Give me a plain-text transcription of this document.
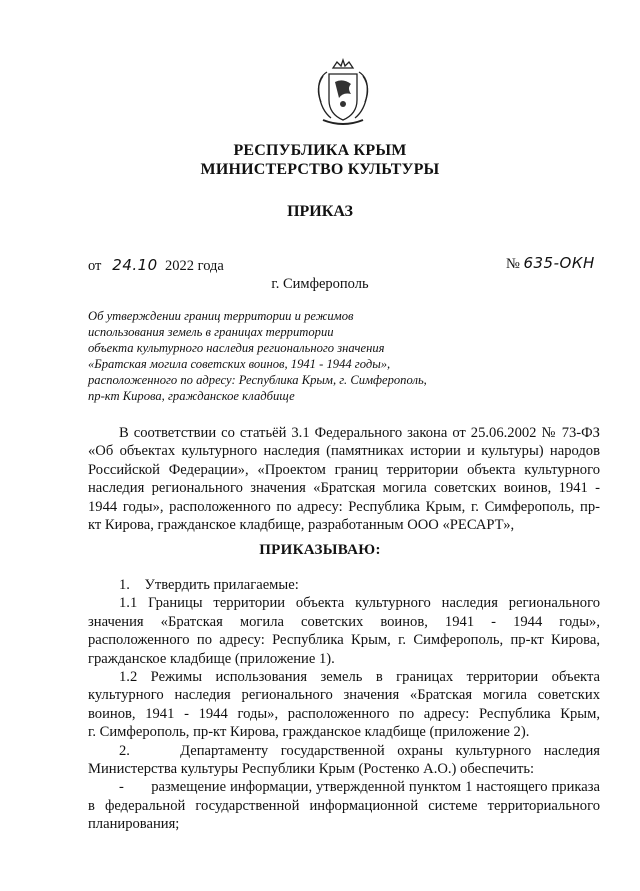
РЕСПУБЛИКА КРЫМ
МИНИСТЕРСТВО КУЛЬТУРЫ
ПРИКАЗ
от 24.10 2022 года	№ 635-ОКН
г. Симферополь
Об утверждении границ территории и режимов
использования земель в границах территории
объекта культурного наследия регионального значения
«Братская могила советских воинов, 1941 - 1944 годы»,
расположенного по адресу: Республика Крым, г. Симферополь,
пр-кт Кирова, гражданское кладбище
В соответствии со статьёй 3.1 Федерального закона от 25.06.2002 № 73-ФЗ
«Об объектах культурного наследия (памятниках истории и культуры) народов
Российской Федерации», «Проектом границ территории объекта культурного
наследия регионального значения «Братская могила советских воинов, 1941 -
1944 годы», расположенного по адресу: Республика Крым, г. Симферополь, пр-
кт Кирова, гражданское кладбище, разработанным ООО «РЕСАРТ»,
ПРИКАЗЫВАЮ:
1.    Утвердить прилагаемые:
1.1 Границы территории объекта культурного наследия регионального
значения «Братская могила советских воинов, 1941 - 1944 годы»,
расположенного по адресу: Республика Крым, г. Симферополь, пр-кт Кирова,
гражданское кладбище (приложение 1).
1.2 Режимы использования земель в границах территории объекта
культурного наследия регионального значения «Братская могила советских
воинов, 1941 - 1944 годы», расположенного по адресу: Республика Крым,
г. Симферополь, пр-кт Кирова, гражданское кладбище (приложение 2).
2.    Департаменту государственной охраны культурного наследия
Министерства культуры Республики Крым (Ростенко А.О.) обеспечить:
-       размещение информации, утвержденной пунктом 1 настоящего приказа
в федеральной государственной информационной системе территориального
планирования;
